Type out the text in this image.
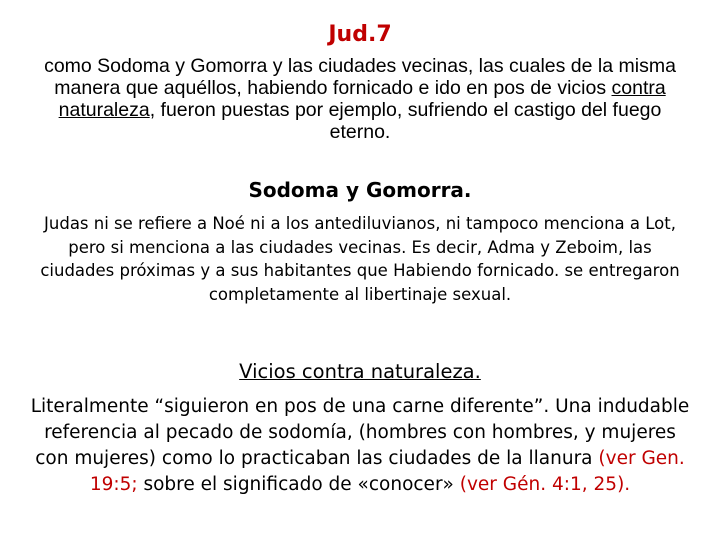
Jud.7
como Sodoma y Gomorra y las ciudades vecinas, las cuales de la misma manera que aquéllos, habiendo fornicado e ido en pos de vicios contra naturaleza, fueron puestas por ejemplo, sufriendo el castigo del fuego eterno.
Sodoma y Gomorra.
Judas ni se refiere a Noé ni a los antediluvianos, ni tampoco menciona a Lot, pero si menciona a las ciudades vecinas. Es decir, Adma y Zeboim, las ciudades próximas y a sus habitantes que Habiendo fornicado. se entregaron completamente al libertinaje sexual.
Vicios contra naturaleza.
Literalmente “siguieron en pos de una carne diferente”. Una indudable referencia al pecado de sodomía, (hombres con hombres, y mujeres con mujeres) como lo practicaban las ciudades de la llanura (ver Gen. 19:5; sobre el significado de «conocer» (ver Gén. 4:1, 25).
